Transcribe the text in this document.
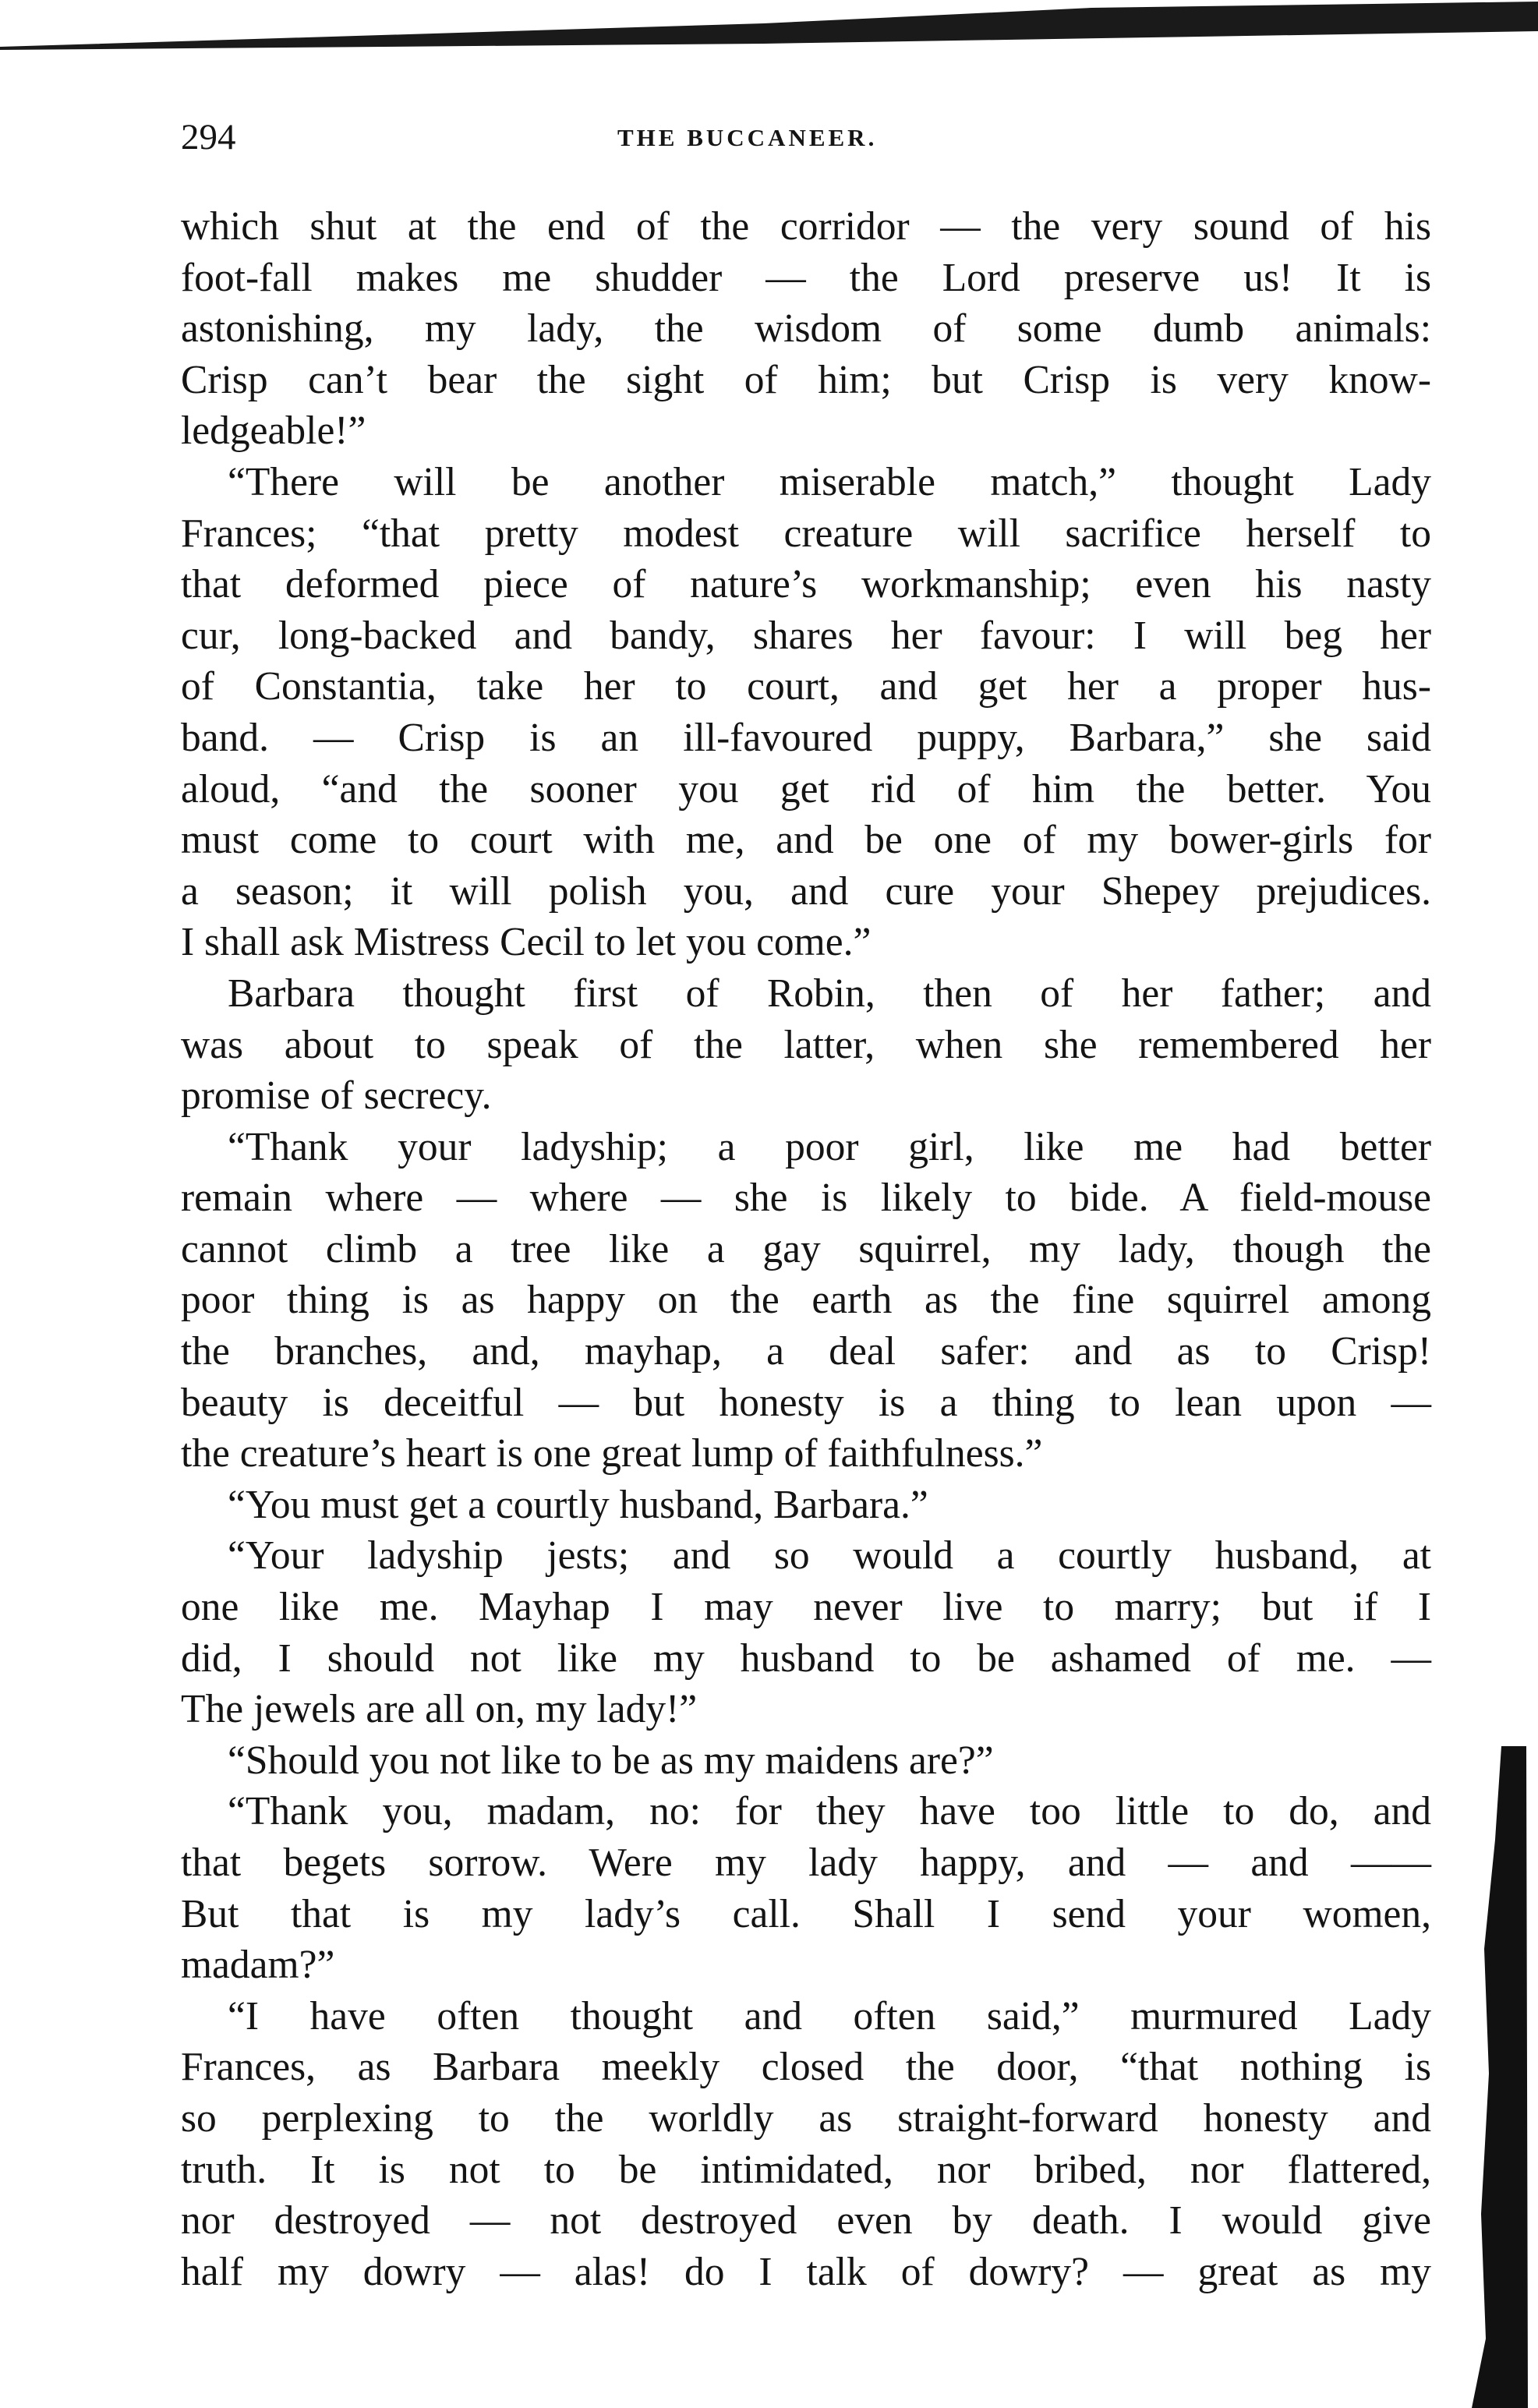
294	THE BUCCANEER.
which shut at the end of the corridor — the very sound of his
foot-fall makes me shudder — the Lord preserve us! It is
astonishing, my lady, the wisdom of some dumb animals:
Crisp can’t bear the sight of him; but Crisp is very know-
ledgeable!”
“There will be another miserable match,” thought Lady
Frances; “that pretty modest creature will sacrifice herself to
that deformed piece of nature’s workmanship; even his nasty
cur, long-backed and bandy, shares her favour: I will beg her
of Constantia, take her to court, and get her a proper hus-
band. — Crisp is an ill-favoured puppy, Barbara,” she said
aloud, “and the sooner you get rid of him the better. You
must come to court with me, and be one of my bower-girls for
a season; it will polish you, and cure your Shepey prejudices.
I shall ask Mistress Cecil to let you come.”
Barbara thought first of Robin, then of her father; and
was about to speak of the latter, when she remembered her
promise of secrecy.
“Thank your ladyship; a poor girl, like me had better
remain where — where — she is likely to bide. A field-mouse
cannot climb a tree like a gay squirrel, my lady, though the
poor thing is as happy on the earth as the fine squirrel among
the branches, and, mayhap, a deal safer: and as to Crisp!
beauty is deceitful — but honesty is a thing to lean upon —
the creature’s heart is one great lump of faithfulness.”
“You must get a courtly husband, Barbara.”
“Your ladyship jests; and so would a courtly husband, at
one like me. Mayhap I may never live to marry; but if I
did, I should not like my husband to be ashamed of me. —
The jewels are all on, my lady!”
“Should you not like to be as my maidens are?”
“Thank you, madam, no: for they have too little to do, and
that begets sorrow. Were my lady happy, and — and ——
But that is my lady’s call. Shall I send your women,
madam?”
“I have often thought and often said,” murmured Lady
Frances, as Barbara meekly closed the door, “that nothing is
so perplexing to the worldly as straight-forward honesty and
truth. It is not to be intimidated, nor bribed, nor flattered,
nor destroyed — not destroyed even by death. I would give
half my dowry — alas! do I talk of dowry? — great as my
